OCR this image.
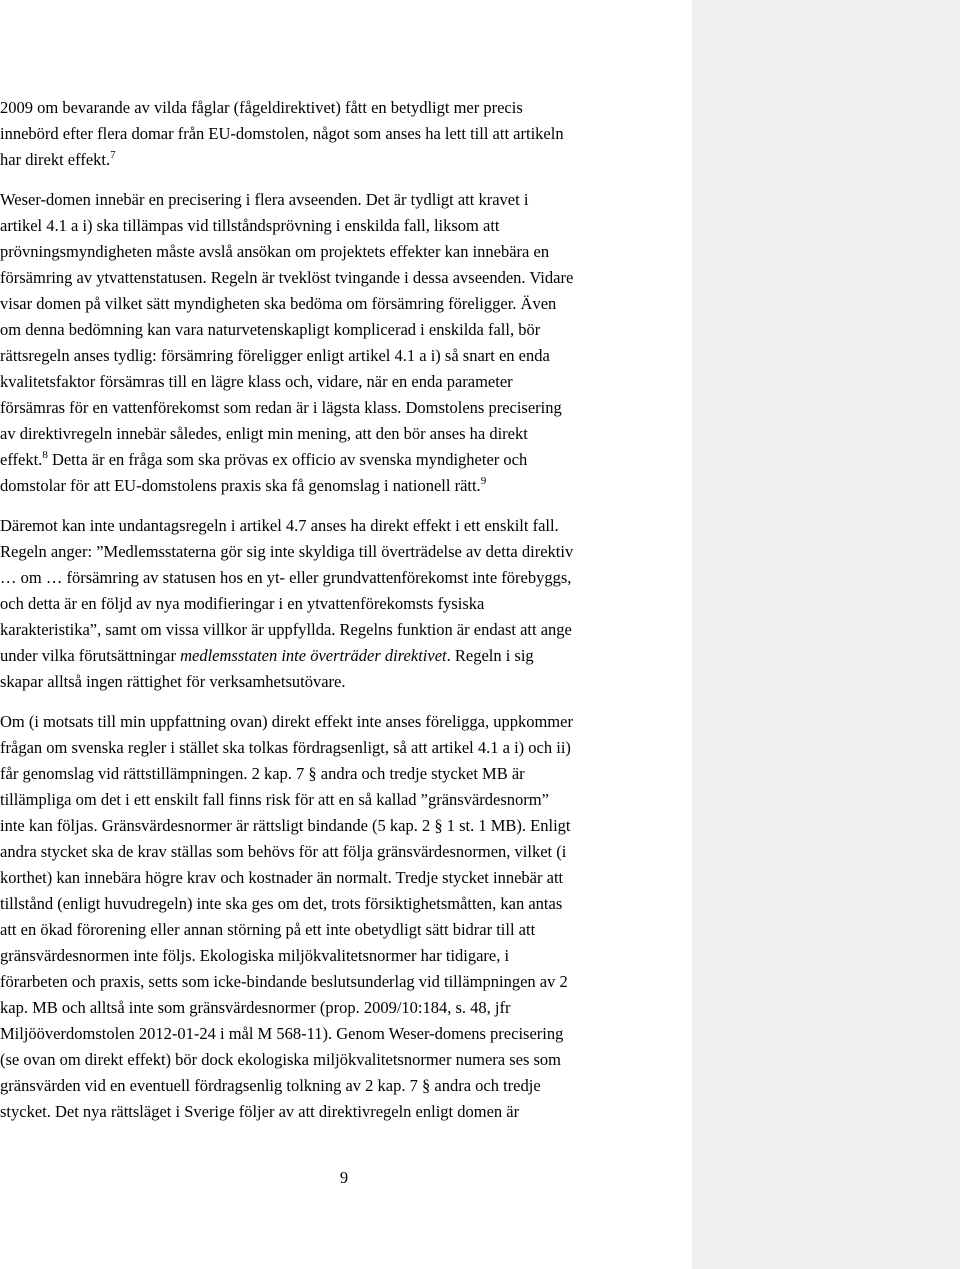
2009 om bevarande av vilda fåglar (fågeldirektivet) fått en betydligt mer precis
innebörd efter flera domar från EU-domstolen, något som anses ha lett till att artikeln
har direkt effekt.$^7$
Weser-domen innebär en precisering i flera avseenden. Det är tydligt att kravet i
artikel 4.1 a i) ska tillämpas vid tillståndsprövning i enskilda fall, liksom att
prövningsmyndigheten måste avslå ansökan om projektets effekter kan innebära en
försämring av ytvattenstatusen. Regeln är tveklöst tvingande i dessa avseenden. Vidare
visar domen på vilket sätt myndigheten ska bedöma om försämring föreligger. Även
om denna bedömning kan vara naturvetenskapligt komplicerad i enskilda fall, bör
rättsregeln anses tydlig: försämring föreligger enligt artikel 4.1 a i) så snart en enda
kvalitetsfaktor försämras till en lägre klass och, vidare, när en enda parameter
försämras för en vattenförekomst som redan är i lägsta klass. Domstolens precisering
av direktivregeln innebär således, enligt min mening, att den bör anses ha direkt
effekt.$^8$ Detta är en fråga som ska prövas ex officio av svenska myndigheter och
domstolar för att EU-domstolens praxis ska få genomslag i nationell rätt.$^9$
Däremot kan inte undantagsregeln i artikel 4.7 anses ha direkt effekt i ett enskilt fall.
Regeln anger: ”Medlemsstaterna gör sig inte skyldiga till överträdelse av detta direktiv
… om … försämring av statusen hos en yt- eller grundvattenförekomst inte förebyggs,
och detta är en följd av nya modifieringar i en ytvattenförekomsts fysiska
karakteristika”, samt om vissa villkor är uppfyllda. Regelns funktion är endast att ange
under vilka förutsättningar medlemsstaten inte överträder direktivet. Regeln i sig
skapar alltså ingen rättighet för verksamhetsutövare.
Om (i motsats till min uppfattning ovan) direkt effekt inte anses föreligga, uppkommer
frågan om svenska regler i stället ska tolkas fördragsenligt, så att artikel 4.1 a i) och ii)
får genomslag vid rättstillämpningen. 2 kap. 7 § andra och tredje stycket MB är
tillämpliga om det i ett enskilt fall finns risk för att en så kallad ”gränsvärdesnorm”
inte kan följas. Gränsvärdesnormer är rättsligt bindande (5 kap. 2 § 1 st. 1 MB). Enligt
andra stycket ska de krav ställas som behövs för att följa gränsvärdesnormen, vilket (i
korthet) kan innebära högre krav och kostnader än normalt. Tredje stycket innebär att
tillstånd (enligt huvudregeln) inte ska ges om det, trots försiktighetsmåtten, kan antas
att en ökad förorening eller annan störning på ett inte obetydligt sätt bidrar till att
gränsvärdesnormen inte följs. Ekologiska miljökvalitetsnormer har tidigare, i
förarbeten och praxis, setts som icke-bindande beslutsunderlag vid tillämpningen av 2
kap. MB och alltså inte som gränsvärdesnormer (prop. 2009/10:184, s. 48, jfr
Miljööverdomstolen 2012-01-24 i mål M 568-11). Genom Weser-domens precisering
(se ovan om direkt effekt) bör dock ekologiska miljökvalitetsnormer numera ses som
gränsvärden vid en eventuell fördragsenlig tolkning av 2 kap. 7 § andra och tredje
stycket. Det nya rättsläget i Sverige följer av att direktivregeln enligt domen är
9
